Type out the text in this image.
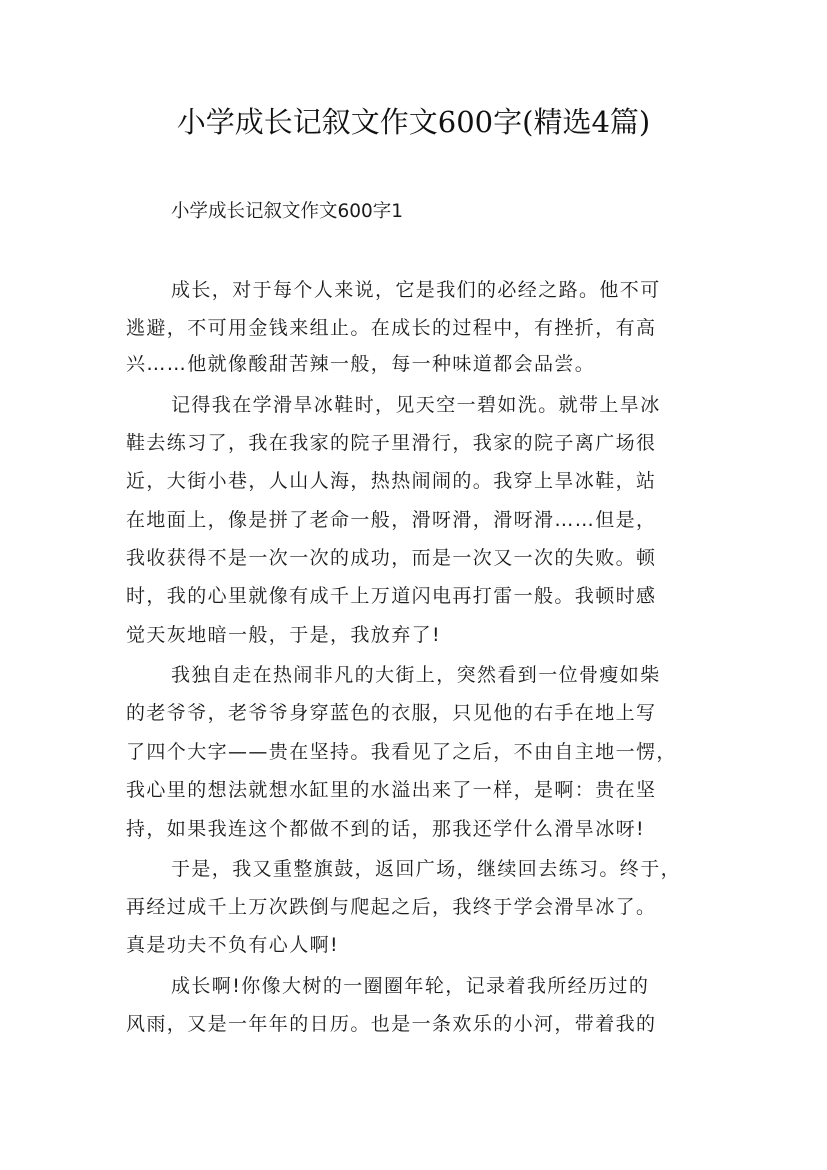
小学成长记叙文作文600字(精选4篇)
小学成长记叙文作文600字1
成长，对于每个人来说，它是我们的必经之路。他不可
逃避，不可用金钱来组止。在成长的过程中，有挫折，有高
兴……他就像酸甜苦辣一般，每一种味道都会品尝。
记得我在学滑旱冰鞋时，见天空一碧如洗。就带上旱冰
鞋去练习了，我在我家的院子里滑行，我家的院子离广场很
近，大街小巷，人山人海，热热闹闹的。我穿上旱冰鞋，站
在地面上，像是拼了老命一般，滑呀滑，滑呀滑……但是，
我收获得不是一次一次的成功，而是一次又一次的失败。顿
时，我的心里就像有成千上万道闪电再打雷一般。我顿时感
觉天灰地暗一般，于是，我放弃了!
我独自走在热闹非凡的大街上，突然看到一位骨瘦如柴
的老爷爷，老爷爷身穿蓝色的衣服，只见他的右手在地上写
了四个大字——贵在坚持。我看见了之后，不由自主地一愣，
我心里的想法就想水缸里的水溢出来了一样，是啊：贵在坚
持，如果我连这个都做不到的话，那我还学什么滑旱冰呀!
于是，我又重整旗鼓，返回广场，继续回去练习。终于，
再经过成千上万次跌倒与爬起之后，我终于学会滑旱冰了。
真是功夫不负有心人啊!
成长啊!你像大树的一圈圈年轮，记录着我所经历过的
风雨，又是一年年的日历。也是一条欢乐的小河，带着我的
